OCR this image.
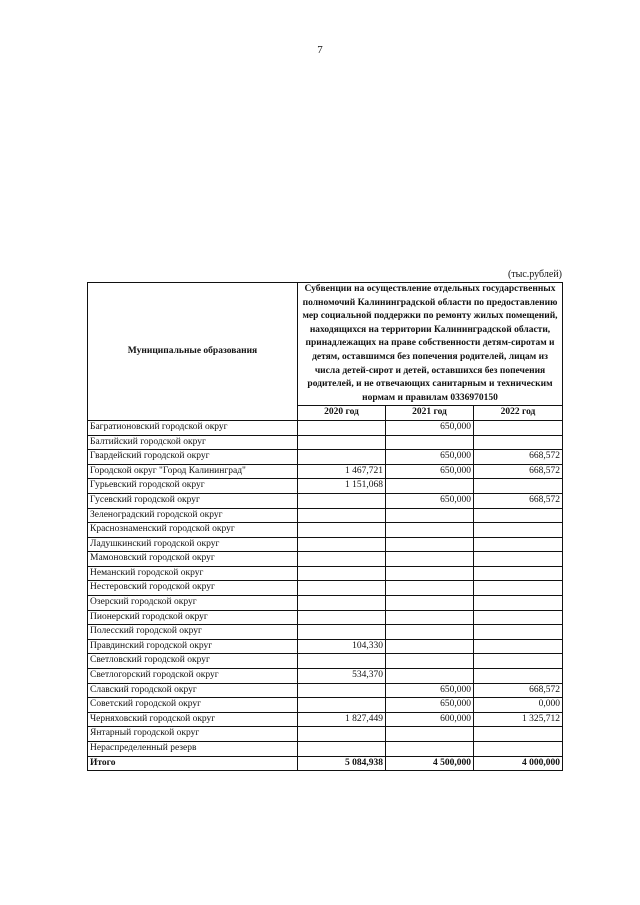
7
(тыс.рублей)
Муниципальные образования	Субвенции на осуществление отдельных государственных полномочий Калининградской области по предоставлению мер социальной поддержки по ремонту жилых помещений, находящихся на территории Калининградской области, принадлежащих на праве собственности детям-сиротам и детям, оставшимся без попечения родителей, лицам из числа детей-сирот и детей, оставшихся без попечения родителей, и не отвечающих санитарным и техническим нормам и правилам 0336970150		
	2020 год	2021 год	2022 год
Багратионовский городской округ		650,000	
Балтийский городской округ			
Гвардейский городской округ		650,000	668,572
Городской округ "Город Калининград"	1 467,721	650,000	668,572
Гурьевский городской округ	1 151,068		
Гусевский городской округ		650,000	668,572
Зеленоградский городской округ			
Краснознаменский городской округ			
Ладушкинский городской округ			
Мамоновский городской округ			
Неманский городской округ			
Нестеровский городской округ			
Озерский городской округ			
Пионерский городской округ			
Полесский городской округ			
Правдинский городской округ	104,330		
Светловский городской округ			
Светлогорский городской округ	534,370		
Славский городской округ		650,000	668,572
Советский городской округ		650,000	0,000
Черняховский городской округ	1 827,449	600,000	1 325,712
Янтарный городской округ			
Нераспределенный резерв			
Итого	5 084,938	4 500,000	4 000,000
